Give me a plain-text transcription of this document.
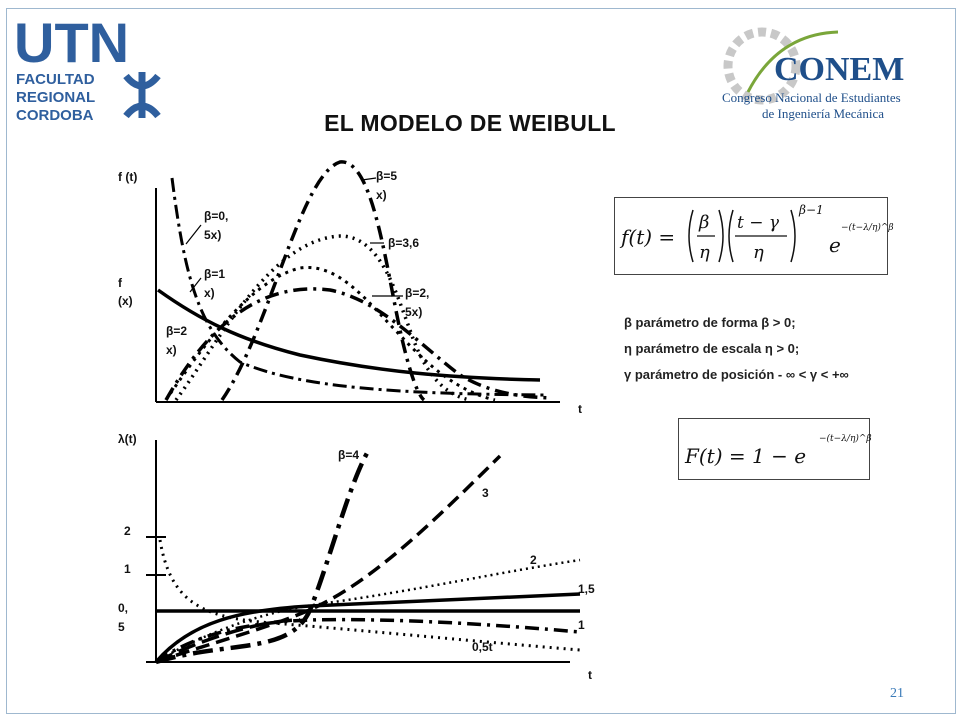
UTN
FACULTAD
REGIONAL
CORDOBA
CONEM
Congreso Nacional de Estudiantes
de Ingeniería Mecánica
EL MODELO DE WEIBULL
f (t)
f
(x)
t
β=5
x)
β=0,
5x)
β=3,6
β=1
x)	β=2,
5x)
β=2
x)
λ(t)
t
2
1
0,
5
β=4
3
2
1,5
1
0,5t
f(t) =
β
η
t − γ
η
β−1
e
−(t−λ/η)^β
β parámetro de forma β > 0;
η parámetro de escala η > 0;
γ parámetro de posición - ∞ < γ < +∞
F(t) = 1 − e
−(t−λ/η)^β
21
